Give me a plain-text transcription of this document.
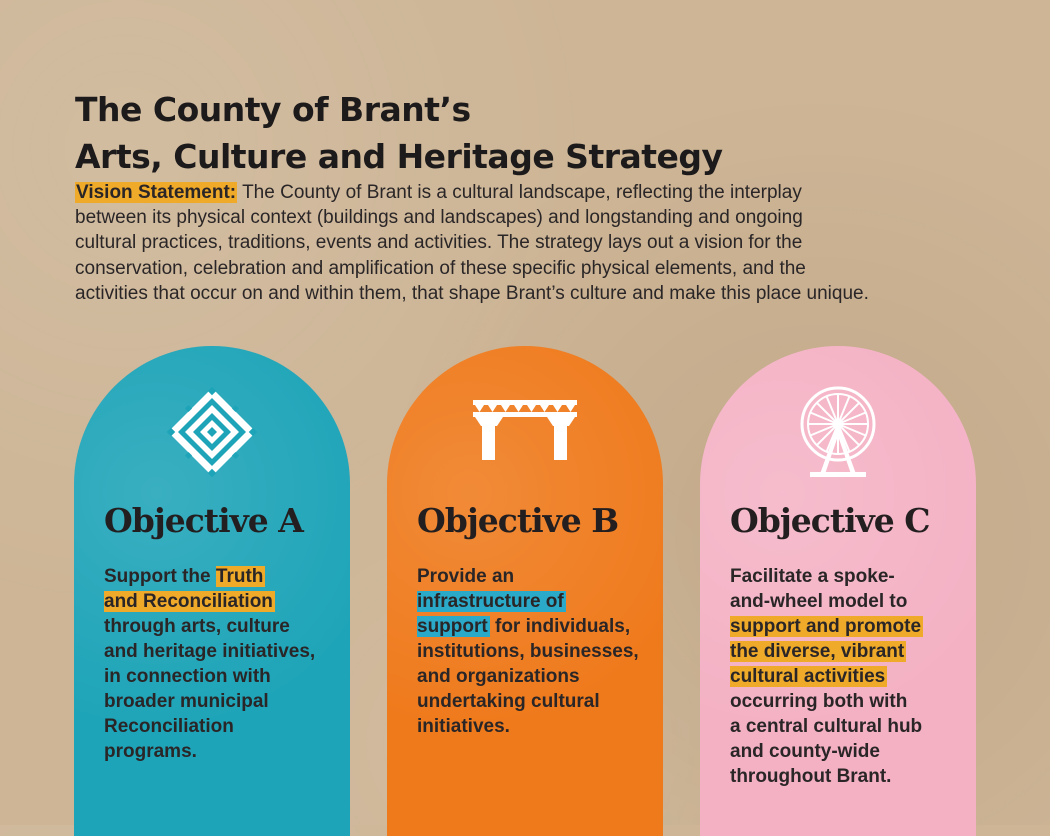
The County of Brant’s
Arts, Culture and Heritage Strategy

Vision Statement: The County of Brant is a cultural landscape, reflecting the interplay
between its physical context (buildings and landscapes) and longstanding and ongoing
cultural practices, traditions, events and activities. The strategy lays out a vision for the
conservation, celebration and amplification of these specific physical elements, and the
activities that occur on and within them, that shape Brant’s culture and make this place unique.

Objective A

Support the Truth
and Reconciliation
through arts, culture
and heritage initiatives,
in connection with
broader municipal
Reconciliation
programs.

Objective B

Provide an
infrastructure of
support for individuals,
institutions, businesses,
and organizations
undertaking cultural
initiatives.

Objective C

Facilitate a spoke-
and-wheel model to
support and promote
the diverse, vibrant
cultural activities
occurring both with
a central cultural hub
and county-wide
throughout Brant.
